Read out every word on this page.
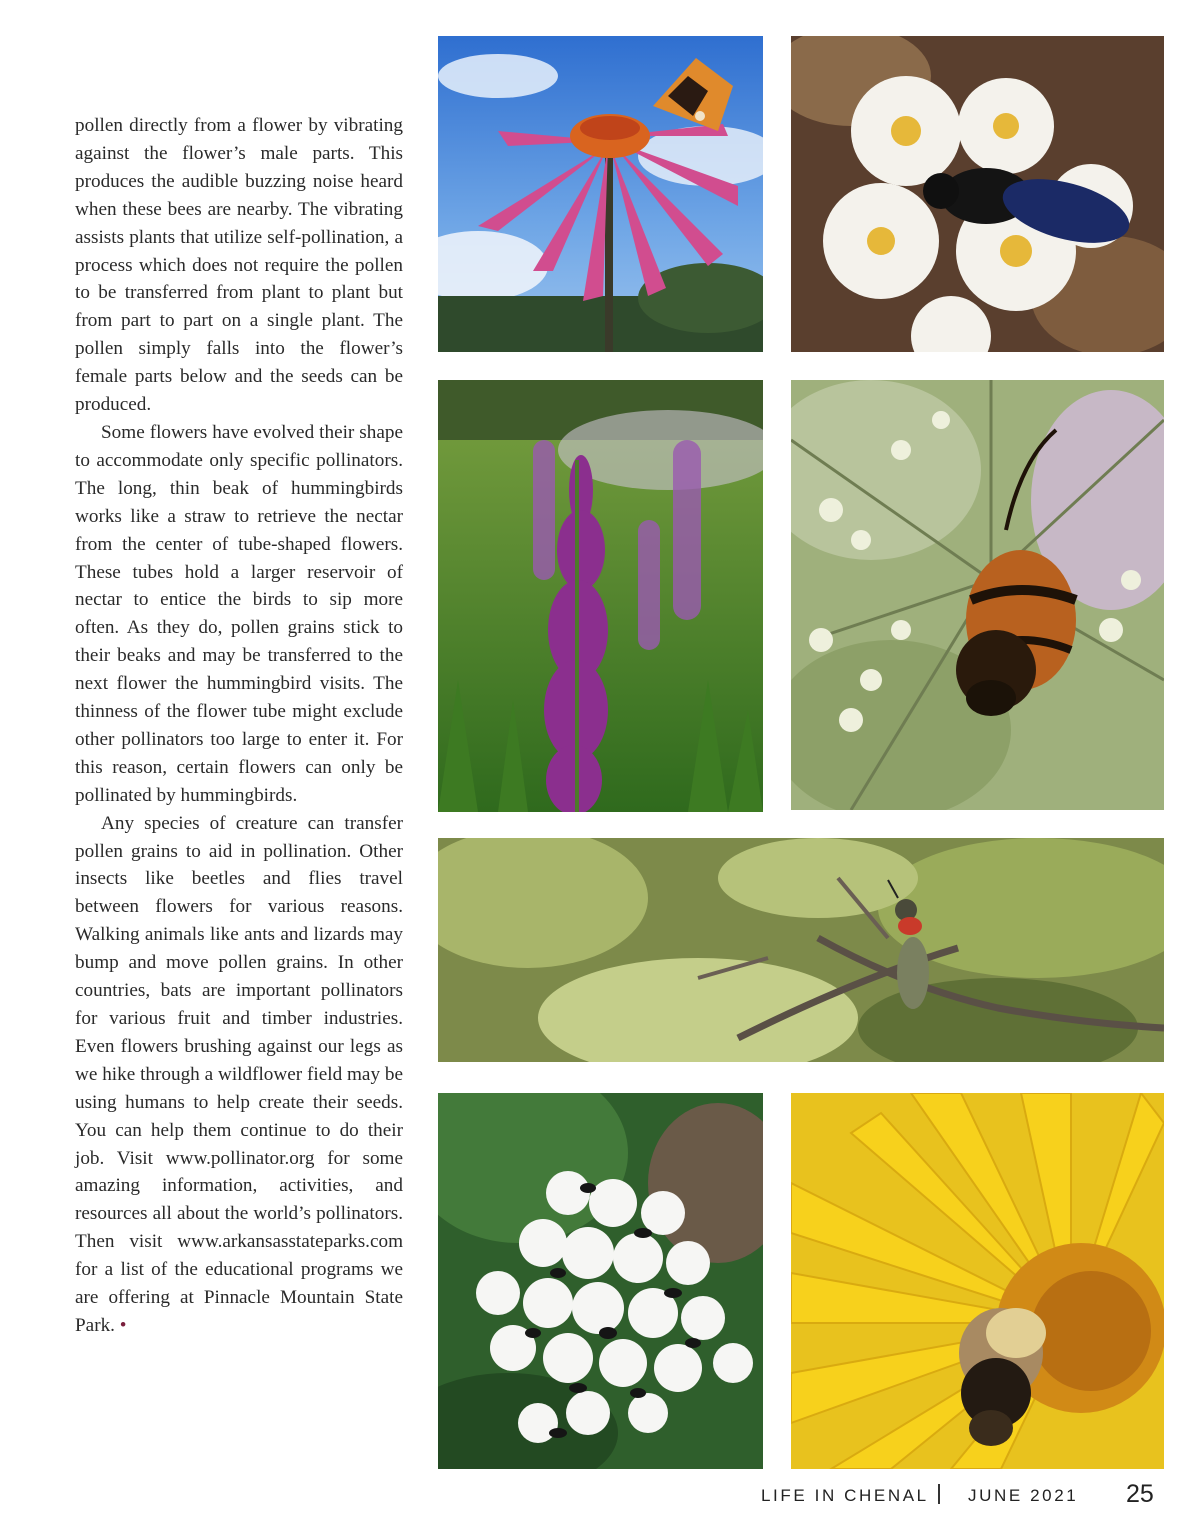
pollen directly from a flower by vibrating against the flower’s male parts. This produces the audible buzzing noise heard when these bees are nearby. The vibrating assists plants that utilize self-pollination, a process which does not require the pollen to be transferred from plant to plant but from part to part on a single plant. The pollen simply falls into the flower’s female parts below and the seeds can be produced.

Some flowers have evolved their shape to accommodate only specific pollinators. The long, thin beak of hummingbirds works like a straw to retrieve the nectar from the center of tube-shaped flowers. These tubes hold a larger reservoir of nectar to entice the birds to sip more often. As they do, pollen grains stick to their beaks and may be transferred to the next flower the hummingbird visits. The thinness of the flower tube might exclude other pollinators too large to enter it. For this reason, certain flowers can only be pollinated by hummingbirds.

Any species of creature can transfer pollen grains to aid in pollination. Other insects like beetles and flies travel between flowers for various reasons. Walking animals like ants and lizards may bump and move pollen grains. In other countries, bats are important pollinators for various fruit and timber industries. Even flowers brushing against our legs as we hike through a wildflower field may be using humans to help create their seeds. You can help them continue to do their job. Visit www.pollinator.org for some amazing information, activities, and resources all about the world’s pollinators. Then visit www.arkansasstateparks.com for a list of the educational programs we are offering at Pinnacle Mountain State Park. •

LIFE IN CHENAL JUNE 2021 25
